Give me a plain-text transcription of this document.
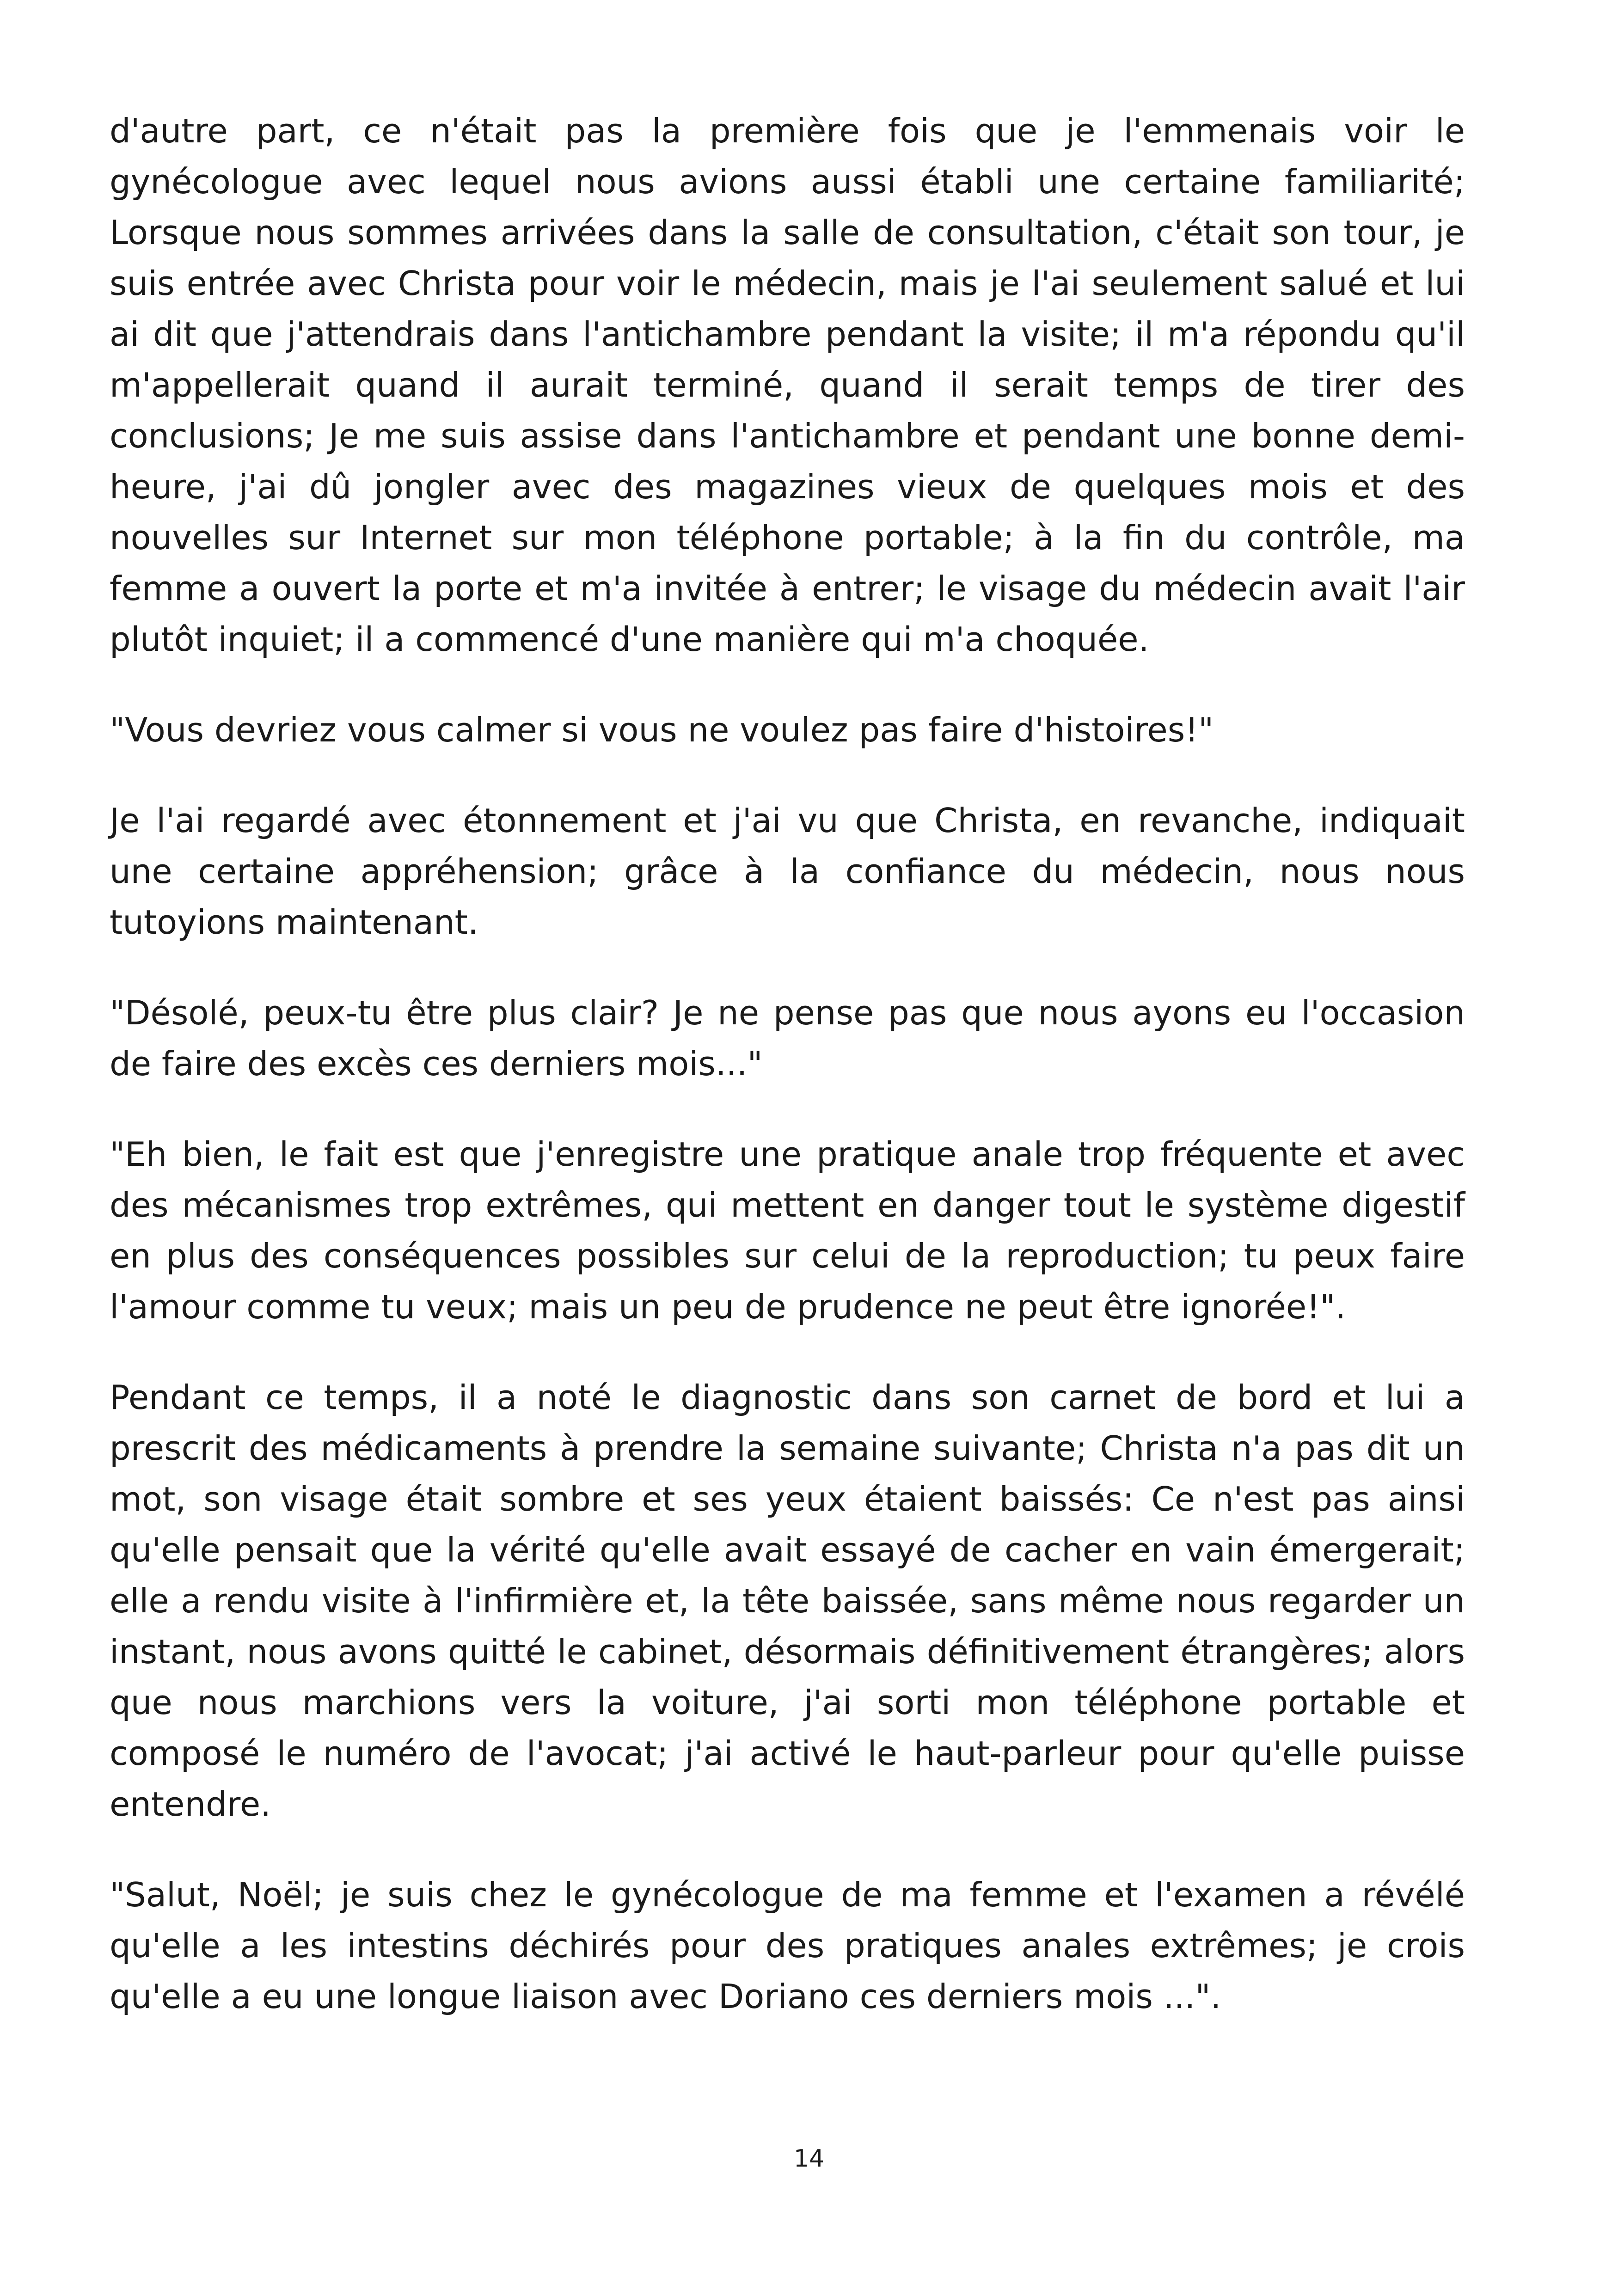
d'autre part, ce n'était pas la première fois que je l'emmenais voir le gynécologue avec lequel nous avions aussi établi une certaine familiarité; Lorsque nous sommes arrivées dans la salle de consultation, c'était son tour, je suis entrée avec Christa pour voir le médecin, mais je l'ai seulement salué et lui ai dit que j'attendrais dans l'antichambre pendant la visite; il m'a répondu qu'il m'appellerait quand il aurait terminé, quand il serait temps de tirer des conclusions; Je me suis assise dans l'antichambre et pendant une bonne demi-heure, j'ai dû jongler avec des magazines vieux de quelques mois et des nouvelles sur Internet sur mon téléphone portable; à la fin du contrôle, ma femme a ouvert la porte et m'a invitée à entrer; le visage du médecin avait l'air plutôt inquiet; il a commencé d'une manière qui m'a choquée.

"Vous devriez vous calmer si vous ne voulez pas faire d'histoires!"

Je l'ai regardé avec étonnement et j'ai vu que Christa, en revanche, indiquait une certaine appréhension; grâce à la confiance du médecin, nous nous tutoyions maintenant.

"Désolé, peux-tu être plus clair? Je ne pense pas que nous ayons eu l'occasion de faire des excès ces derniers mois..."

"Eh bien, le fait est que j'enregistre une pratique anale trop fréquente et avec des mécanismes trop extrêmes, qui mettent en danger tout le système digestif en plus des conséquences possibles sur celui de la reproduction; tu peux faire l'amour comme tu veux; mais un peu de prudence ne peut être ignorée!".

Pendant ce temps, il a noté le diagnostic dans son carnet de bord et lui a prescrit des médicaments à prendre la semaine suivante; Christa n'a pas dit un mot, son visage était sombre et ses yeux étaient baissés: Ce n'est pas ainsi qu'elle pensait que la vérité qu'elle avait essayé de cacher en vain émergerait; elle a rendu visite à l'infirmière et, la tête baissée, sans même nous regarder un instant, nous avons quitté le cabinet, désormais définitivement étrangères; alors que nous marchions vers la voiture, j'ai sorti mon téléphone portable et composé le numéro de l'avocat; j'ai activé le haut-parleur pour qu'elle puisse entendre.

"Salut, Noël; je suis chez le gynécologue de ma femme et l'examen a révélé qu'elle a les intestins déchirés pour des pratiques anales extrêmes; je crois qu'elle a eu une longue liaison avec Doriano ces derniers mois ...".

14
